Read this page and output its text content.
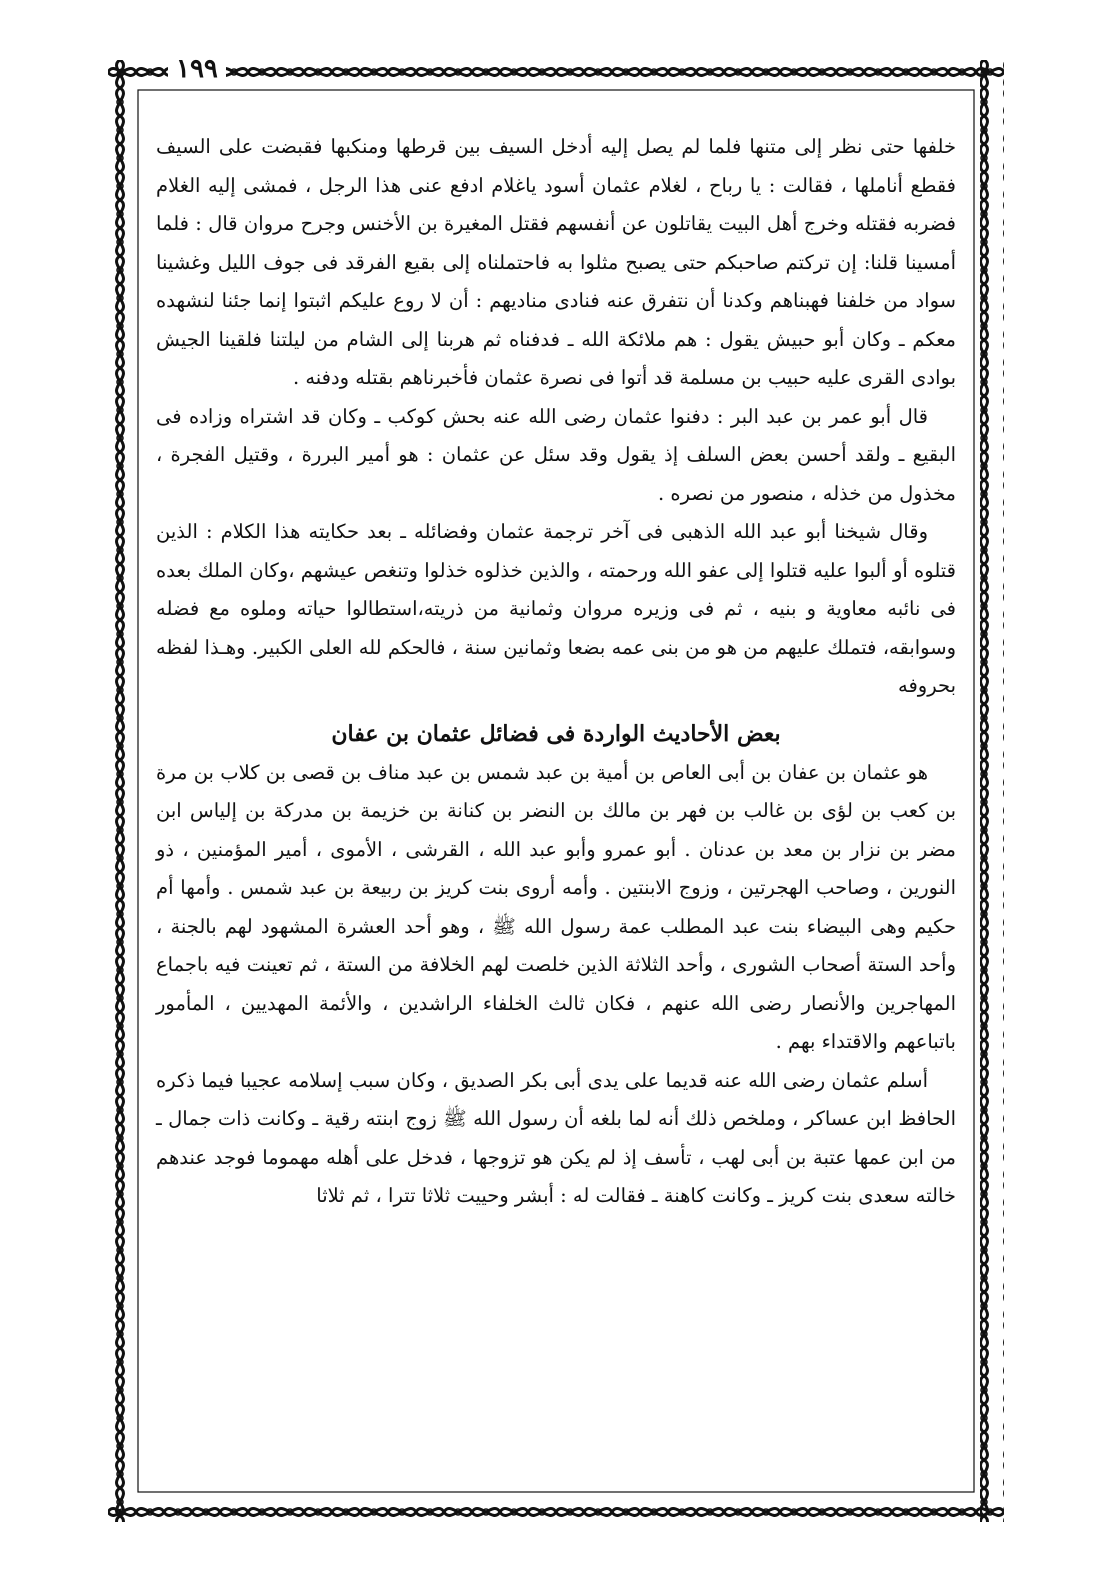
١٩٩

خلفها حتى نظر إلى متنها فلما لم يصل إليه أدخل السيف بين قرطها ومنكبها فقبضت على السيف فقطع أناملها ، فقالت : يا رباح ، لغلام عثمان أسود ياغلام ادفع عنى هذا الرجل ، فمشى إليه الغلام فضربه فقتله وخرج أهل البيت يقاتلون عن أنفسهم فقتل المغيرة بن الأخنس وجرح مروان قال : فلما أمسينا قلنا: إن تركتم صاحبكم حتى يصبح مثلوا به فاحتملناه إلى بقيع الفرقد فى جوف الليل وغشينا سواد من خلفنا فهبناهم وكدنا أن نتفرق عنه فنادى مناديهم : أن لا روع عليكم اثبتوا إنما جئنا لنشهده معكم ـ وكان أبو حبيش يقول : هم ملائكة الله ـ فدفناه ثم هربنا إلى الشام من ليلتنا فلقينا الجيش بوادى القرى عليه حبيب بن مسلمة قد أتوا فى نصرة عثمان فأخبرناهم بقتله ودفنه .

قال أبو عمر بن عبد البر : دفنوا عثمان رضى الله عنه بحش كوكب ـ وكان قد اشتراه وزاده فى البقيع ـ ولقد أحسن بعض السلف إذ يقول وقد سئل عن عثمان : هو أمير البررة ، وقتيل الفجرة ، مخذول من خذله ، منصور من نصره .

وقال شيخنا أبو عبد الله الذهبى فى آخر ترجمة عثمان وفضائله ـ بعد حكايته هذا الكلام : الذين قتلوه أو ألبوا عليه قتلوا إلى عفو الله ورحمته ، والذين خذلوه خذلوا وتنغص عيشهم ،وكان الملك بعده فى نائبه معاوية و بنيه ، ثم فى وزيره مروان وثمانية من ذريته،استطالوا حياته وملوه مع فضله وسوابقه، فتملك عليهم من هو من بنى عمه بضعا وثمانين سنة ، فالحكم لله العلى الكبير. وهـذا لفظه بحروفه

بعض الأحاديث الواردة فى فضائل عثمان بن عفان

هو عثمان بن عفان بن أبى العاص بن أمية بن عبد شمس بن عبد مناف بن قصى بن كلاب بن مرة بن كعب بن لؤى بن غالب بن فهر بن مالك بن النضر بن كنانة بن خزيمة بن مدركة بن إلياس ابن مضر بن نزار بن معد بن عدنان . أبو عمرو وأبو عبد الله ، القرشى ، الأموى ، أمير المؤمنين ، ذو النورين ، وصاحب الهجرتين ، وزوج الابنتين . وأمه أروى بنت كريز بن ربيعة بن عبد شمس . وأمها أم حكيم وهى البيضاء بنت عبد المطلب عمة رسول الله ﷺ ، وهو أحد العشرة المشهود لهم بالجنة ، وأحد الستة أصحاب الشورى ، وأحد الثلاثة الذين خلصت لهم الخلافة من الستة ، ثم تعينت فيه باجماع المهاجرين والأنصار رضى الله عنهم ، فكان ثالث الخلفاء الراشدين ، والأئمة المهديين ، المأمور باتباعهم والاقتداء بهم .

أسلم عثمان رضى الله عنه قديما على يدى أبى بكر الصديق ، وكان سبب إسلامه عجيبا فيما ذكره الحافظ ابن عساكر ، وملخص ذلك أنه لما بلغه أن رسول الله ﷺ زوج ابنته رقية ـ وكانت ذات جمال ـ من ابن عمها عتبة بن أبى لهب ، تأسف إذ لم يكن هو تزوجها ، فدخل على أهله مهموما فوجد عندهم خالته سعدى بنت كريز ـ وكانت كاهنة ـ فقالت له : أبشر وحييت ثلاثا تترا ، ثم ثلاثا
